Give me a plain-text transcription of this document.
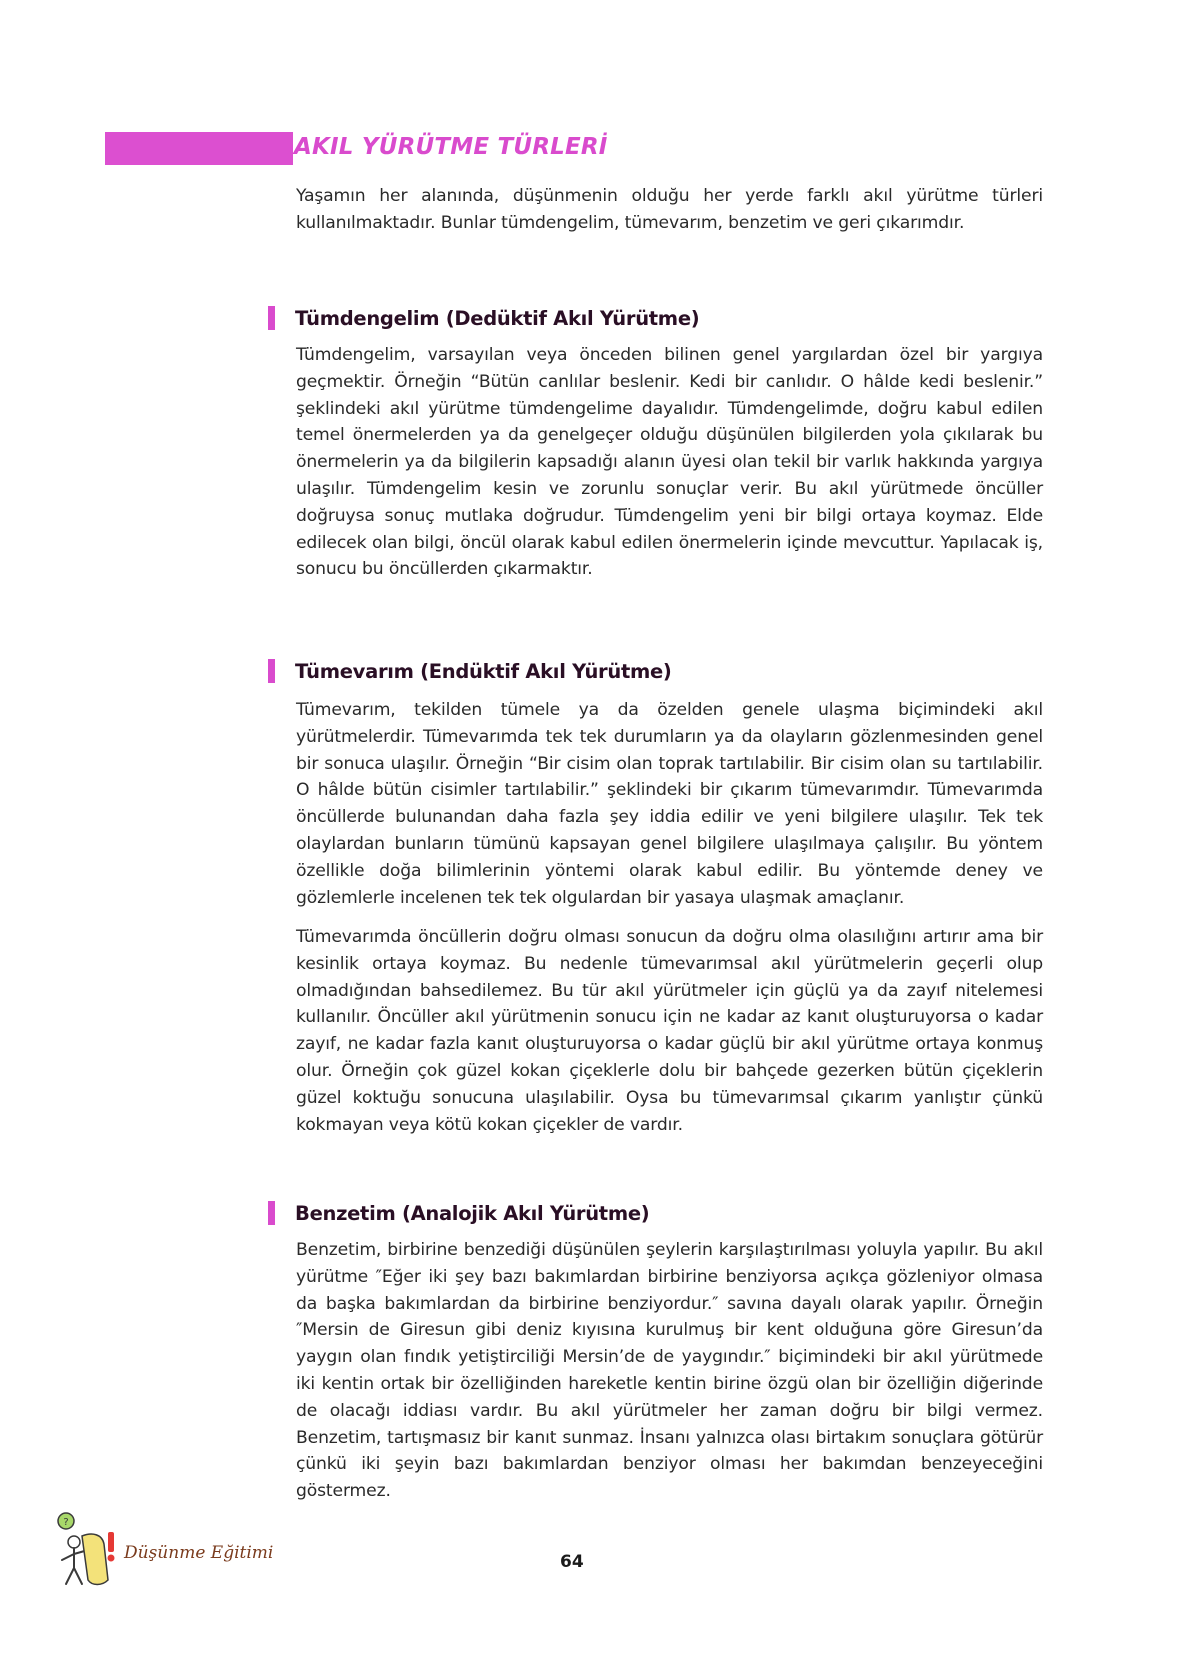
AKIL YÜRÜTME TÜRLERİ

Yaşamın her alanında, düşünmenin olduğu her yerde farklı akıl yürütme türleri kullanılmaktadır. Bunlar tümdengelim, tümevarım, benzetim ve geri çıkarımdır.

Tümdengelim (Dedüktif Akıl Yürütme)

Tümdengelim, varsayılan veya önceden bilinen genel yargılardan özel bir yargıya geçmektir. Örneğin “Bütün canlılar beslenir. Kedi bir canlıdır. O hâlde kedi beslenir.” şeklindeki akıl yürütme tümdengelime dayalıdır. Tümdengelimde, doğru kabul edilen temel önermelerden ya da genelgeçer olduğu düşünülen bilgilerden yola çıkılarak bu önermelerin ya da bilgilerin kapsadığı alanın üyesi olan tekil bir varlık hakkında yargıya ulaşılır. Tümdengelim kesin ve zorunlu sonuçlar verir. Bu akıl yürütmede öncüller doğruysa sonuç mutlaka doğrudur. Tümdengelim yeni bir bilgi ortaya koymaz. Elde edilecek olan bilgi, öncül olarak kabul edilen önermelerin içinde mevcuttur. Yapılacak iş, sonucu bu öncüllerden çıkarmaktır.

Tümevarım (Endüktif Akıl Yürütme)

Tümevarım, tekilden tümele ya da özelden genele ulaşma biçimindeki akıl yürütmelerdir. Tümevarımda tek tek durumların ya da olayların gözlenmesinden genel bir sonuca ulaşılır. Örneğin “Bir cisim olan toprak tartılabilir. Bir cisim olan su tartılabilir. O hâlde bütün cisimler tartılabilir.” şeklindeki bir çıkarım tümevarımdır. Tümevarımda öncüllerde bulunandan daha fazla şey iddia edilir ve yeni bilgilere ulaşılır. Tek tek olaylardan bunların tümünü kapsayan genel bilgilere ulaşılmaya çalışılır. Bu yöntem özellikle doğa bilimlerinin yöntemi olarak kabul edilir. Bu yöntemde deney ve gözlemlerle incelenen tek tek olgulardan bir yasaya ulaşmak amaçlanır.

Tümevarımda öncüllerin doğru olması sonucun da doğru olma olasılığını artırır ama bir kesinlik ortaya koymaz. Bu nedenle tümevarımsal akıl yürütmelerin geçerli olup olmadığından bahsedilemez. Bu tür akıl yürütmeler için güçlü ya da zayıf nitelemesi kullanılır. Öncüller akıl yürütmenin sonucu için ne kadar az kanıt oluşturuyorsa o kadar zayıf, ne kadar fazla kanıt oluşturuyorsa o kadar güçlü bir akıl yürütme ortaya konmuş olur. Örneğin çok güzel kokan çiçeklerle dolu bir bahçede gezerken bütün çiçeklerin güzel koktuğu sonucuna ulaşılabilir. Oysa bu tümevarımsal çıkarım yanlıştır çünkü kokmayan veya kötü kokan çiçekler de vardır.

Benzetim (Analojik Akıl Yürütme)

Benzetim, birbirine benzediği düşünülen şeylerin karşılaştırılması yoluyla yapılır. Bu akıl yürütme ″Eğer iki şey bazı bakımlardan birbirine benziyorsa açıkça gözleniyor olmasa da başka bakımlardan da birbirine benziyordur.″ savına dayalı olarak yapılır. Örneğin ″Mersin de Giresun gibi deniz kıyısına kurulmuş bir kent olduğuna göre Giresun’da yaygın olan fındık yetiştirciliği Mersin’de de yaygındır.″ biçimindeki bir akıl yürütmede iki kentin ortak bir özelliğinden hareketle kentin birine özgü olan bir özelliğin diğerinde de olacağı iddiası vardır. Bu akıl yürütmeler her zaman doğru bir bilgi vermez. Benzetim, tartışmasız bir kanıt sunmaz. İnsanı yalnızca olası birtakım sonuçlara götürür çünkü iki şeyin bazı bakımlardan benziyor olması her bakımdan benzeyeceğini göstermez.

?
Düşünme Eğitimi	64
